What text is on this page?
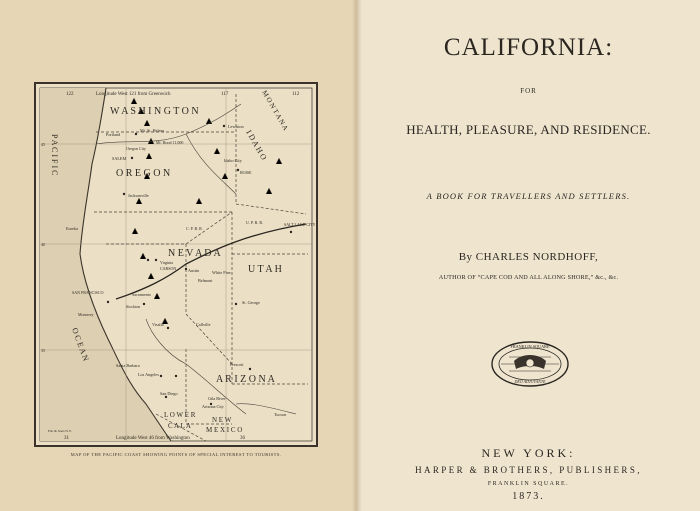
122	Longitude West 121 from Greenwich	117	112
31	Longitude West 46 from Washington	36
Feb & Sons N.Y.
45
40
35
W A S H I N G T O N
O R E G O N
I D A H O
M O N T A N A
N E V A D A
U T A H
A R I Z O N A
P A C I F I C
O C E A N
L O W E R
C A L A
N E W
M E X I C O
Mt. St. Helens
Portland
Mt. Hood 11,000
Oregon City
SALEM
Lewiston
Idaho City
BOISE
Jacksonville
Eureka
Virginia
CARSON	Austin	White Pine
Belmont
SALT LAKE CITY
C. P. R. R.
U. P. R. R.
SAN FRANCISCO	Sacramento
Stockton
Monterey
Visalia	Callville
St. George
Prescott
Santa Barbara
Los Angeles
San Diego
Gila River
Arizona City
Tucson
MAP OF THE PACIFIC COAST SHOWING POINTS OF SPECIAL INTEREST TO TOURISTS.
CALIFORNIA:
FOR
HEALTH, PLEASURE, AND RESIDENCE.
A BOOK FOR TRAVELLERS AND SETTLERS.
By CHARLES NORDHOFF,
AUTHOR OF “CAPE COD AND ALL ALONG SHORE,” &c., &c.
FRANKLIN SQUARE
DEO ADJUVANTE
NEW YORK:
HARPER & BROTHERS, PUBLISHERS,
FRANKLIN SQUARE.
1873.
